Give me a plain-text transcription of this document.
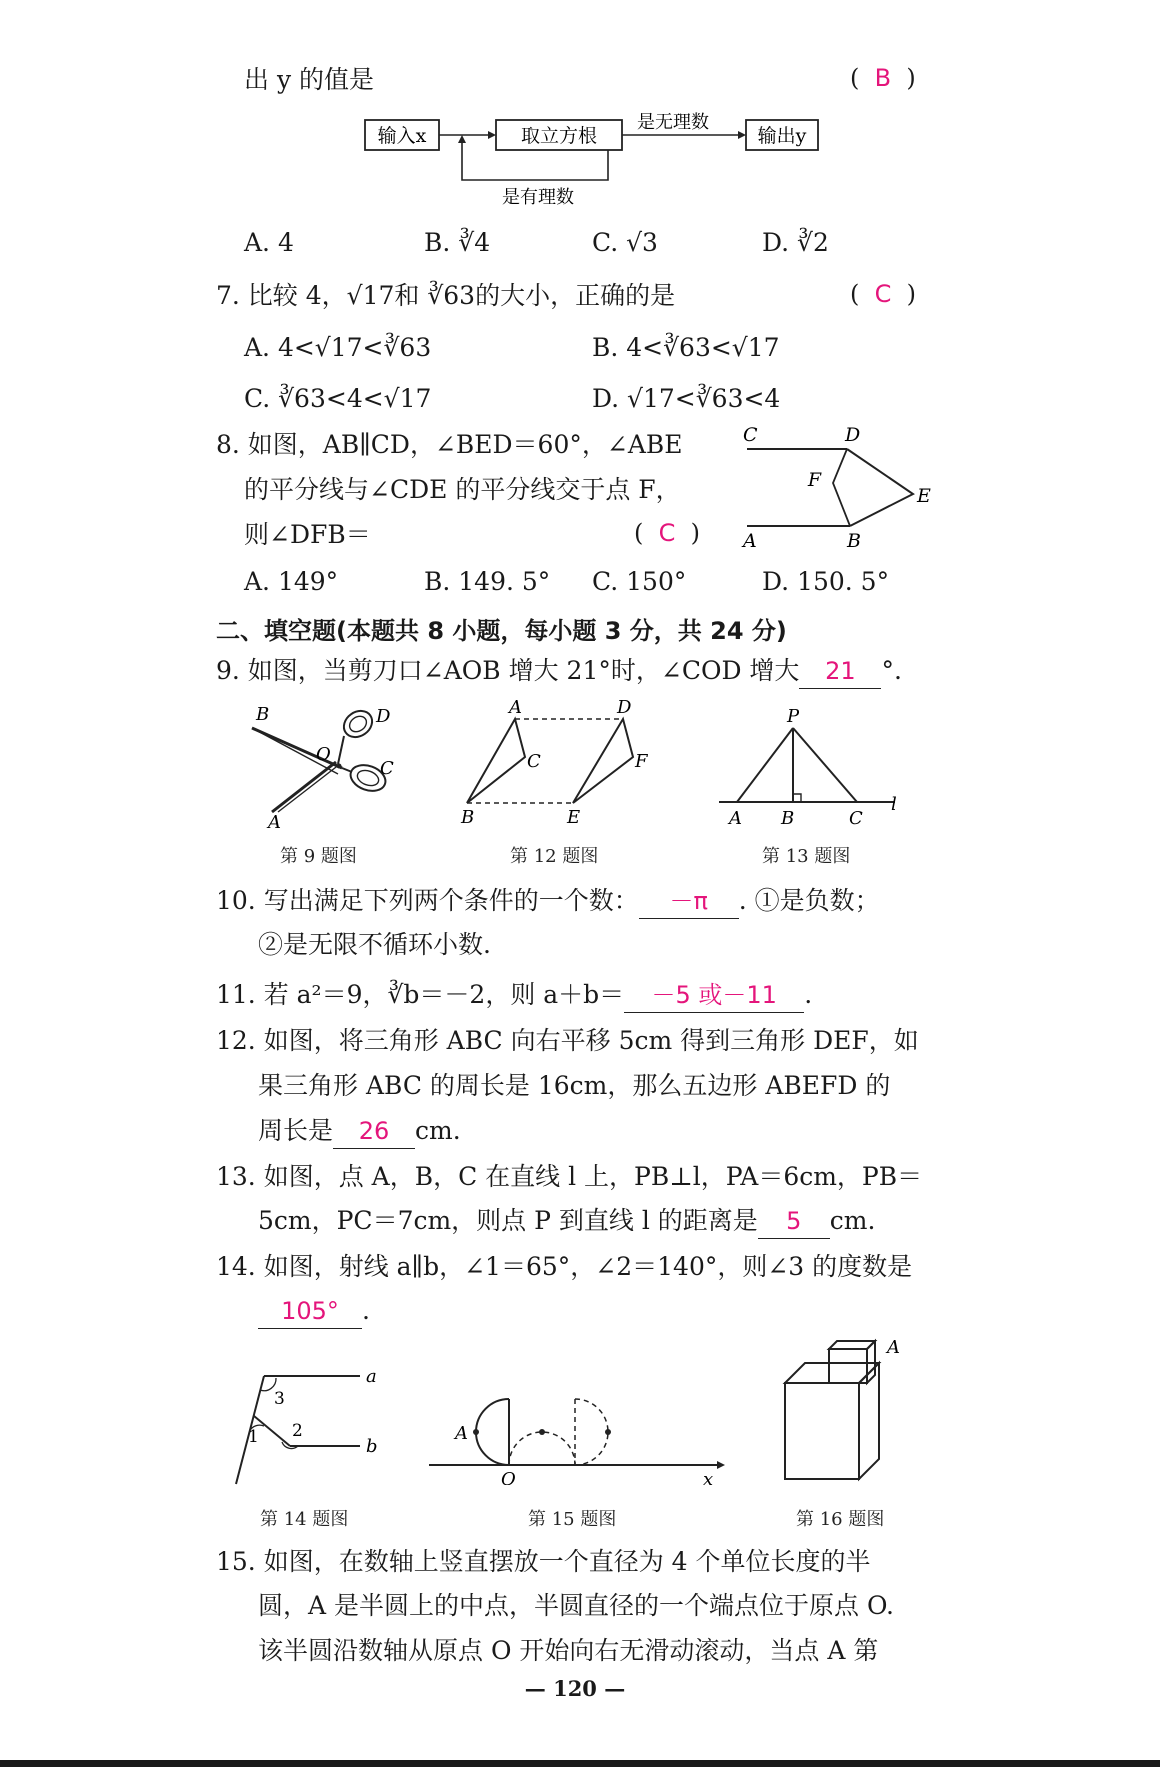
出 y 的值是	(  B  )
输入x	取立方根
是无理数
输出y
是有理数
A. 4	B. ∛4	C. √3	D. ∛2
7. 比较 4，√17和 ∛63的大小，正确的是	(  C  )
A. 4<√17<∛63	B. 4<∛63<√17
C. ∛63<4<√17	D. √17<∛63<4
8. 如图，AB∥CD，∠BED＝60°，∠ABE
的平分线与∠CDE 的平分线交于点 F，
则∠DFB＝	(  C  )
C	D
F
E
A	B
A. 149°	B. 149. 5° C. 150°	D. 150. 5°
二、填空题(本题共 8 小题，每小题 3 分，共 24 分)
9. 如图，当剪刀口∠AOB 增大 21°时，∠COD 增大 21 °.
B
O
D
C
A
第 9 题图
A	D
C	F
B	E
第 12 题图
P
A B	C
l
第 13 题图
10. 写出满足下列两个条件的一个数： －π . ①是负数；
②是无限不循环小数.
11. 若 a²＝9，∛b＝－2，则 a＋b＝ －5 或－11 .
12. 如图，将三角形 ABC 向右平移 5cm 得到三角形 DEF，如
果三角形 ABC 的周长是 16cm，那么五边形 ABEFD 的
周长是 26 cm.
13. 如图，点 A，B，C 在直线 l 上，PB⊥l，PA＝6cm，PB＝
5cm，PC＝7cm，则点 P 到直线 l 的距离是 5 cm.
14. 如图，射线 a∥b，∠1＝65°，∠2＝140°，则∠3 的度数是
105° .
a
b
1 2
3
第 14 题图
A
O	x
第 15 题图
A
第 16 题图
15. 如图，在数轴上竖直摆放一个直径为 4 个单位长度的半
圆，A 是半圆上的中点，半圆直径的一个端点位于原点 O.
该半圆沿数轴从原点 O 开始向右无滑动滚动，当点 A 第
— 120 —
